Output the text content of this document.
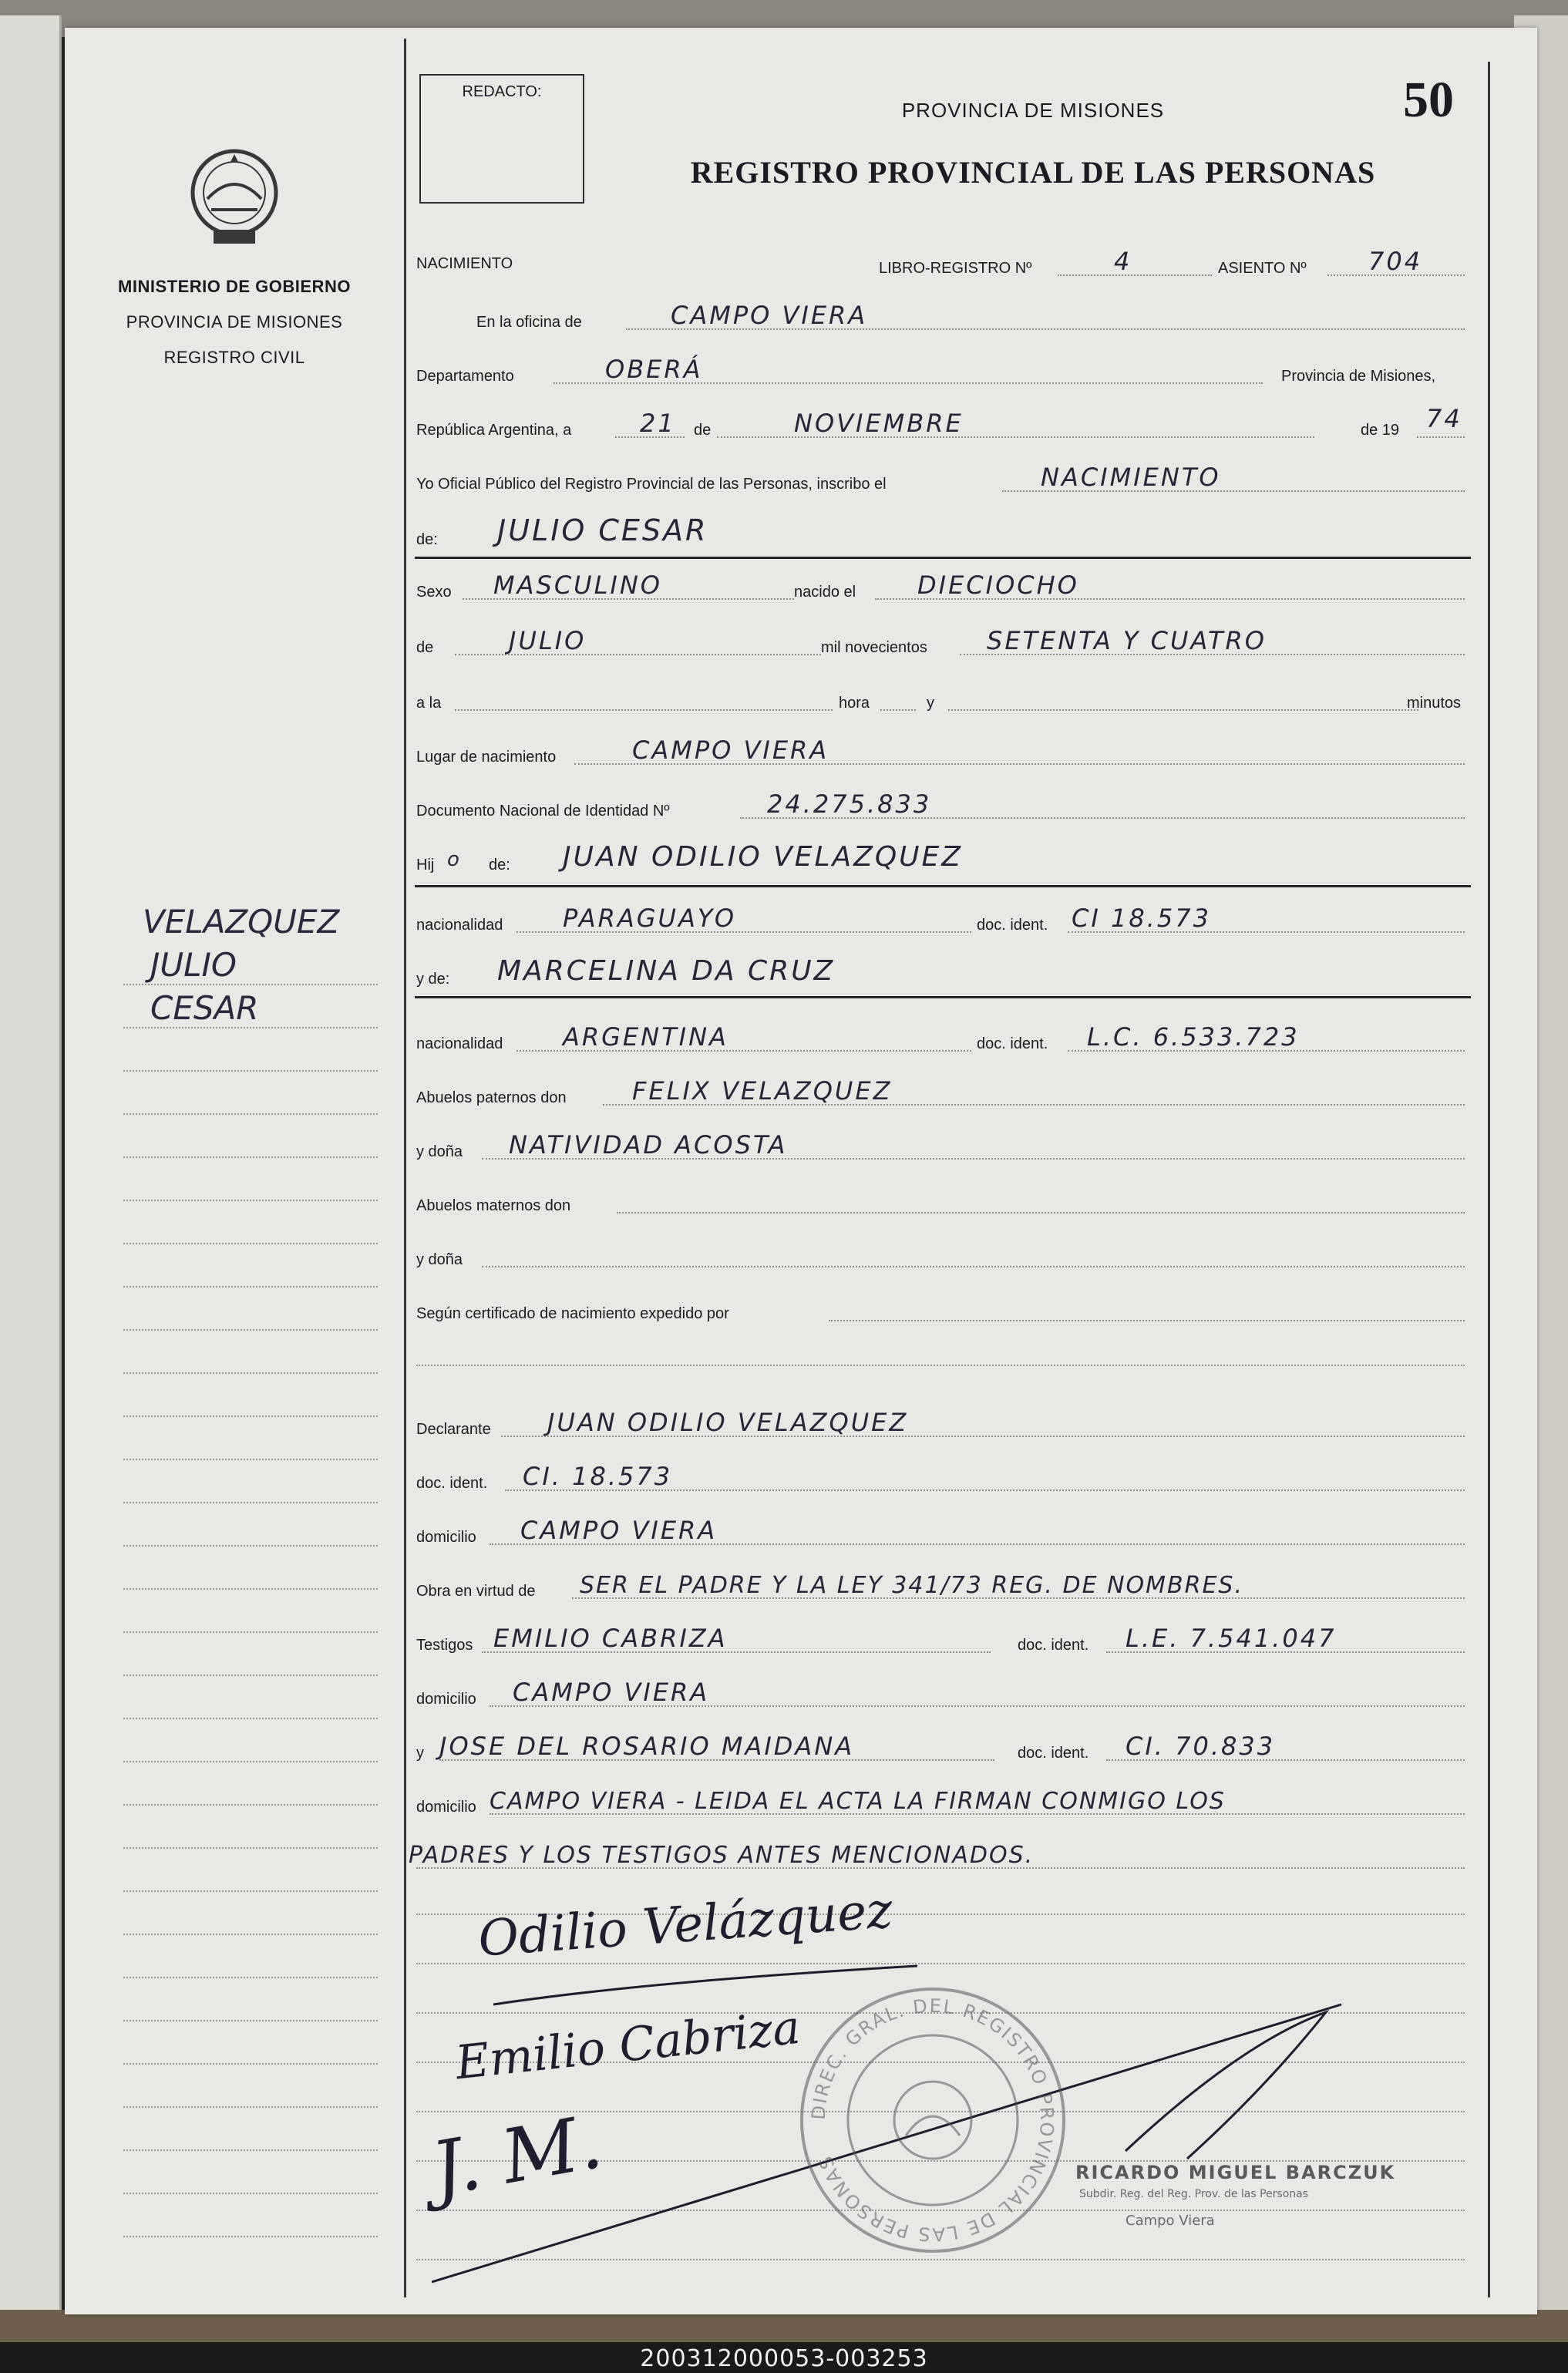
MINISTERIO DE GOBIERNO
PROVINCIA DE MISIONES
REGISTRO CIVIL
VELAZQUEZ
JULIO
CESAR
REDACTO:
PROVINCIA DE MISIONES
REGISTRO PROVINCIAL DE LAS PERSONAS
50
NACIMIENTO	LIBRO-REGISTRO Nº	4	ASIENTO Nº	704
En la oficina de	CAMPO VIERA
Departamento	OBERÁ	Provincia de Misiones,
República Argentina, a	21 de	NOVIEMBRE	de 19 74
Yo Oficial Público del Registro Provincial de las Personas, inscribo el	NACIMIENTO
de: JULIO CESAR
Sexo MASCULINO	nacido el DIECIOCHO
de	JULIO	mil novecientos SETENTA Y CUATRO
a la	hora	y	minutos
Lugar de nacimiento	CAMPO VIERA
Documento Nacional de Identidad Nº	24.275.833
Hij o de: JUAN ODILIO VELAZQUEZ
nacionalidad PARAGUAYO	doc. ident. CI 18.573
y de: MARCELINA DA CRUZ
nacionalidad ARGENTINA	doc. ident. L.C. 6.533.723
Abuelos paternos don	FELIX VELAZQUEZ
y doña NATIVIDAD ACOSTA
Abuelos maternos don
y doña
Según certificado de nacimiento expedido por
Declarante JUAN ODILIO VELAZQUEZ
doc. ident. CI. 18.573
domicilio CAMPO VIERA
Obra en virtud de SER EL PADRE Y LA LEY 341/73 REG. DE NOMBRES.
Testigos EMILIO CABRIZA	doc. ident. L.E. 7.541.047
domicilio CAMPO VIERA
y JOSE DEL ROSARIO MAIDANA	doc. ident. CI. 70.833
domicilio CAMPO VIERA - LEIDA EL ACTA LA FIRMAN CONMIGO LOS
PADRES Y LOS TESTIGOS ANTES MENCIONADOS.
Odilio Velázquez
Emilio Cabriza
J. M.	DIREC. GRAL. DEL REGISTRO PROVINCIAL DE LAS PERSONAS	RICARDO MIGUEL BARCZUK
Subdir. Reg. del Reg. Prov. de las Personas
Campo Viera
200312000053-003253
